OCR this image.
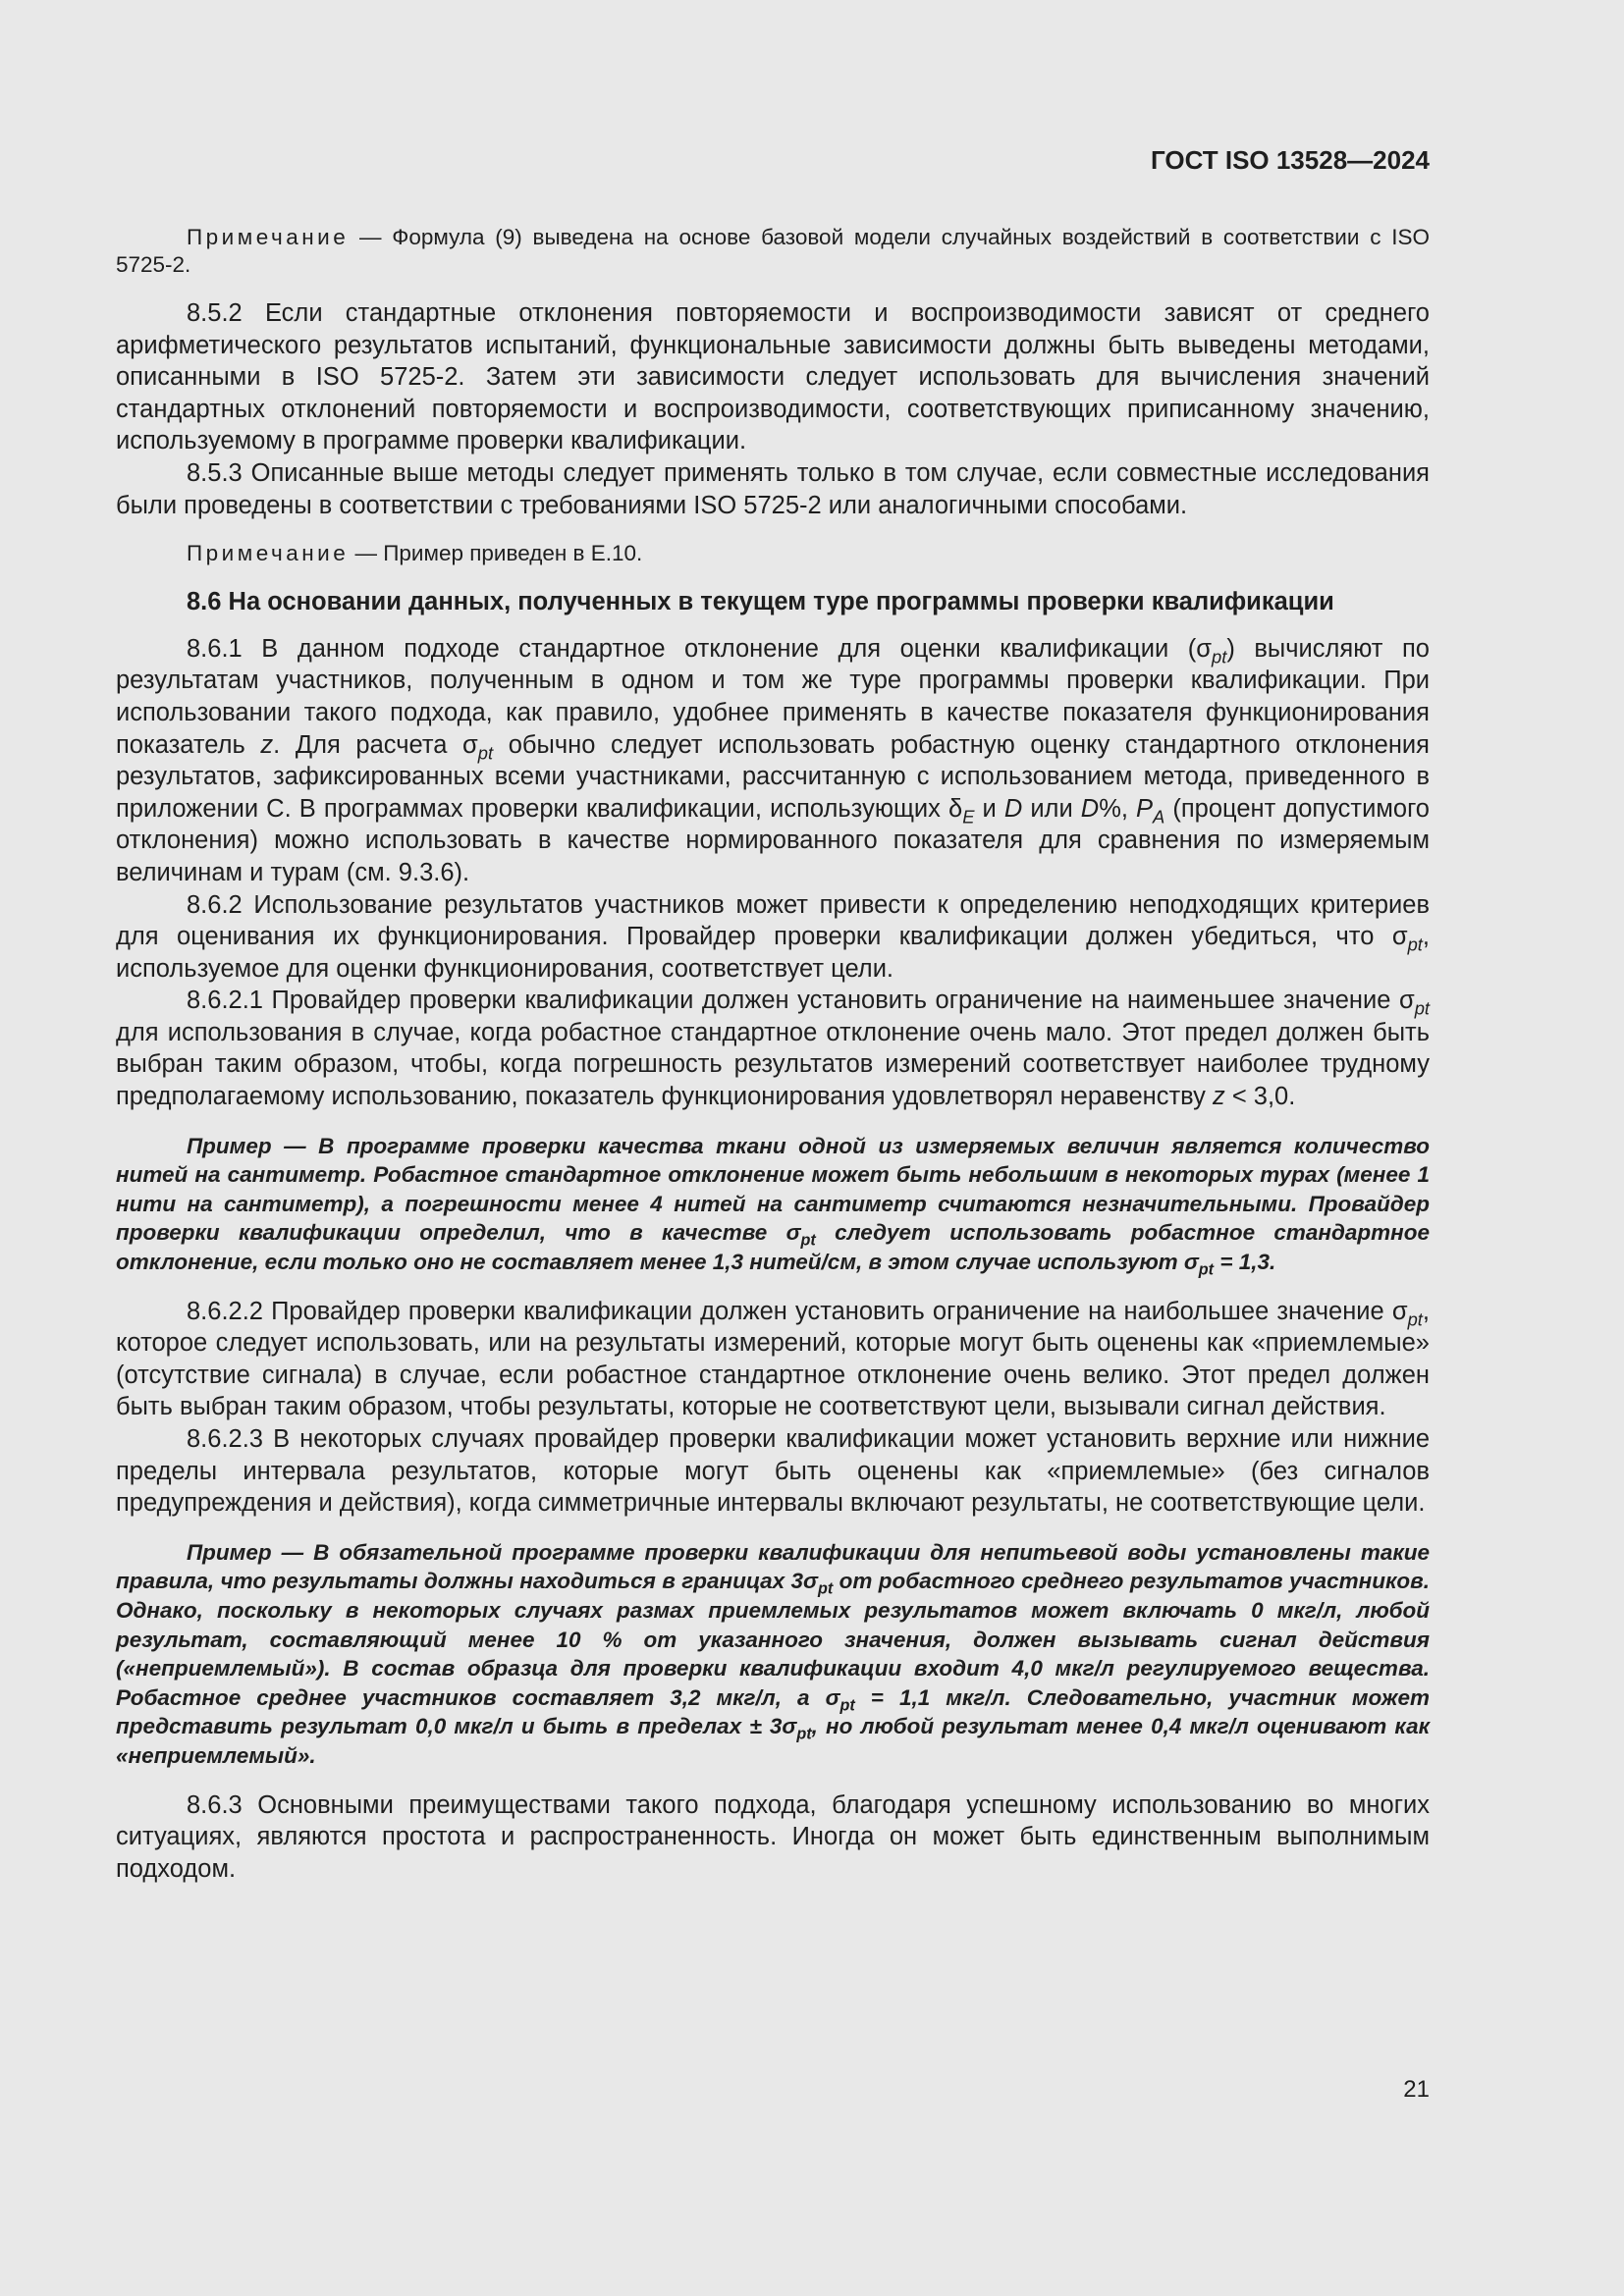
ГОСТ ISO 13528—2024

Примечание — Формула (9) выведена на основе базовой модели случайных воздействий в соответствии с ISO 5725-2.

8.5.2 Если стандартные отклонения повторяемости и воспроизводимости зависят от среднего арифметического результатов испытаний, функциональные зависимости должны быть выведены методами, описанными в ISO 5725-2. Затем эти зависимости следует использовать для вычисления значений стандартных отклонений повторяемости и воспроизводимости, соответствующих приписанному значению, используемому в программе проверки квалификации.

8.5.3 Описанные выше методы следует применять только в том случае, если совместные исследования были проведены в соответствии с требованиями ISO 5725-2 или аналогичными способами.

Примечание — Пример приведен в Е.10.

8.6 На основании данных, полученных в текущем туре программы проверки квалификации

8.6.1 В данном подходе стандартное отклонение для оценки квалификации $(\sigma_{pt})$ вычисляют по результатам участников, полученным в одном и том же туре программы проверки квалификации. При использовании такого подхода, как правило, удобнее применять в качестве показателя функционирования показатель z. Для расчета $\sigma_{pt}$ обычно следует использовать робастную оценку стандартного отклонения результатов, зафиксированных всеми участниками, рассчитанную с использованием метода, приведенного в приложении С. В программах проверки квалификации, использующих $\delta_E$ и D или D%, $P_A$ (процент допустимого отклонения) можно использовать в качестве нормированного показателя для сравнения по измеряемым величинам и турам (см. 9.3.6).

8.6.2 Использование результатов участников может привести к определению неподходящих критериев для оценивания их функционирования. Провайдер проверки квалификации должен убедиться, что $\sigma_{pt}$, используемое для оценки функционирования, соответствует цели.

8.6.2.1 Провайдер проверки квалификации должен установить ограничение на наименьшее значение $\sigma_{pt}$ для использования в случае, когда робастное стандартное отклонение очень мало. Этот предел должен быть выбран таким образом, чтобы, когда погрешность результатов измерений соответствует наиболее трудному предполагаемому использованию, показатель функционирования удовлетворял неравенству z < 3,0.

Пример — В программе проверки качества ткани одной из измеряемых величин является количество нитей на сантиметр. Робастное стандартное отклонение может быть небольшим в некоторых турах (менее 1 нити на сантиметр), а погрешности менее 4 нитей на сантиметр считаются незначительными. Провайдер проверки квалификации определил, что в качестве $\sigma_{pt}$ следует использовать робастное стандартное отклонение, если только оно не составляет менее 1,3 нитей/см, в этом случае используют $\sigma_{pt} = 1,3$.

8.6.2.2 Провайдер проверки квалификации должен установить ограничение на наибольшее значение $\sigma_{pt}$, которое следует использовать, или на результаты измерений, которые могут быть оценены как «приемлемые» (отсутствие сигнала) в случае, если робастное стандартное отклонение очень велико. Этот предел должен быть выбран таким образом, чтобы результаты, которые не соответствуют цели, вызывали сигнал действия.

8.6.2.3 В некоторых случаях провайдер проверки квалификации может установить верхние или нижние пределы интервала результатов, которые могут быть оценены как «приемлемые» (без сигналов предупреждения и действия), когда симметричные интервалы включают результаты, не соответствующие цели.

Пример — В обязательной программе проверки квалификации для непитьевой воды установлены такие правила, что результаты должны находиться в границах $3\sigma_{pt}$ от робастного среднего результатов участников. Однако, поскольку в некоторых случаях размах приемлемых результатов может включать 0 мкг/л, любой результат, составляющий менее 10 % от указанного значения, должен вызывать сигнал действия («неприемлемый»). В состав образца для проверки квалификации входит 4,0 мкг/л регулируемого вещества. Робастное среднее участников составляет 3,2 мкг/л, а $\sigma_{pt} = 1,1$ мкг/л. Следовательно, участник может представить результат 0,0 мкг/л и быть в пределах ± $3\sigma_{pt}$, но любой результат менее 0,4 мкг/л оценивают как «неприемлемый».

8.6.3 Основными преимуществами такого подхода, благодаря успешному использованию во многих ситуациях, являются простота и распространенность. Иногда он может быть единственным выполнимым подходом.

21
